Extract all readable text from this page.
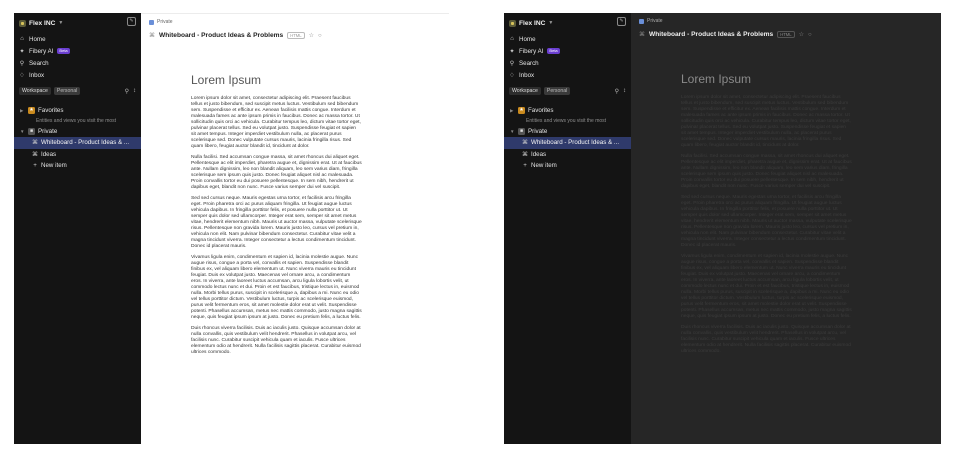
Flex INC ▼	✎
⌂ Home
✦ Fibery AI	Beta
⚲ Search
♢ Inbox
Workspace	Personal	⚲ ↕
▶	★ Favorites
Entities and views you visit the most
▼	■ Private
⌘ Whiteboard - Product Ideas & ...
⌘ Ideas
+ New item
Private
⌘ Whiteboard - Product Ideas & Problems	HTML	☆ ○
Lorem Ipsum

Lorem ipsum dolor sit amet, consectetur adipiscing elit. Praesent faucibus tellus et justo bibendum, sed suscipit metus luctus. Vestibulum sed bibendum sem. Suspendisse et efficitur ex. Aenean facilisis mattis congue. Interdum et malesuada fames ac ante ipsum primis in faucibus. Donec ac massa tortor. Ut sollicitudin quis orci ac vehicula. Curabitur tempus leo, dictum vitae tortor eget, pulvinar placerat tellus. Sed eu volutpat justo. Suspendisse feugiat et sapien sit amet tempus. Integer imperdiet vestibulum nulla, ac placerat purus scelerisque sed. Donec vulputate cursus mauris, lacinia fringilla risus. Sed quam libero, feugiat auctor blandit id, tincidunt at dolor.

Nulla facilisi. Sed accumsan congue massa, sit amet rhoncus dui aliquet eget. Pellentesque ac elit imperdiet, pharetra augue et, dignissim erat. Ut at faucibus ante. Nullam dignissim, leo non blandit aliquam, leo sem varius diam, fringilla scelerisque sem ipsum quis justo. Donec feugiat aliquet nisl ac malesuada. Proin convallis tortor eu dui posuere pellentesque. In sem nibh, hendrerit ut dapibus eget, blandit non nunc. Fusce varius semper dui vel suscipit.

Sed sed cursus neque. Mauris egestas urna tortor, et facilisis arcu fringilla eget. Proin pharetra orci ac purus aliquam fringilla. Ut feugiat augue luctus vehicula dapibus. In fringilla porttitor felis, et posuere nulla porttitor ut. Ut semper quis dolor sed ullamcorper. Integer erat sem, semper sit amet metus vitae, hendrerit elementum nibh. Mauris ut auctor massa, vulputate scelerisque risus. Pellentesque non gravida lorem. Mauris justo leo, cursus vel pretium in, vehicula non elit. Nam pulvinar bibendum consectetur. Curabitur vitae velit a magna tincidunt viverra. Integer consectetur a lectus condimentum tincidunt. Donec id placerat mauris.

Vivamus ligula enim, condimentum et sapien id, lacinia molestie augue. Nunc augue risus, congue a porta vel, convallis et sapien. Suspendisse blandit finibus ex, vel aliquam libero elementum ut. Nunc viverra mauris eu tincidunt feugiat. Duis ex volutpat justo. Maecenas vel ornare arcu, a condimentum eros. In viverra, ante laoreet luctus accumsan, arcu ligula lobortis velit, ut commodo lectus nunc et dui. Proin et est faucibus, tristique lectus in, euismod nulla. Morbi tellus purus, suscipit in scelerisque a, dapibus a mi. Nunc eu odio vel tellus porttitor dictum. Vestibulum luctus, turpis ac scelerisque euismod, purus velit fermentum eros, sit amet molestie dolor erat ut velit. Suspendisse potenti. Phasellus accumsan, metus nec mattis commodo, justo magna sagittis neque, quis feugiat ipsum ipsum at justo. Donec eu pretium felis, a luctus felis.

Duis rhoncus viverra facilisis. Duis ac iaculis justo. Quisque accumsan dolor at nulla convallis, quis vestibulum velit hendrerit. Phasellus in volutpat arcu, vel facilisis nunc. Curabitur suscipit vehicula quam et iaculis. Fusce ultrices elementum odio at hendrerit. Nulla facilisis sagittis placerat. Curabitur euismod ultrices commodo.

Flex INC ▼	✎
⌂ Home
✦ Fibery AI	Beta
⚲ Search
♢ Inbox
Workspace	Personal	⚲ ↕
▶	★ Favorites
Entities and views you visit the most
▼	■ Private
⌘ Whiteboard - Product Ideas & ...
⌘ Ideas
+ New item
Private
⌘ Whiteboard - Product Ideas & Problems	HTML	☆ ○
Lorem Ipsum

Lorem ipsum dolor sit amet, consectetur adipiscing elit. Praesent faucibus tellus et justo bibendum, sed suscipit metus luctus. Vestibulum sed bibendum sem. Suspendisse et efficitur ex. Aenean facilisis mattis congue. Interdum et malesuada fames ac ante ipsum primis in faucibus. Donec ac massa tortor. Ut sollicitudin quis orci ac vehicula. Curabitur tempus leo, dictum vitae tortor eget, pulvinar placerat tellus. Sed eu volutpat justo. Suspendisse feugiat et sapien sit amet tempus. Integer imperdiet vestibulum nulla, ac placerat purus scelerisque sed. Donec vulputate cursus mauris, lacinia fringilla risus. Sed quam libero, feugiat auctor blandit id, tincidunt at dolor.

Nulla facilisi. Sed accumsan congue massa, sit amet rhoncus dui aliquet eget. Pellentesque ac elit imperdiet, pharetra augue et, dignissim erat. Ut at faucibus ante. Nullam dignissim, leo non blandit aliquam, leo sem varius diam, fringilla scelerisque sem ipsum quis justo. Donec feugiat aliquet nisl ac malesuada. Proin convallis tortor eu dui posuere pellentesque. In sem nibh, hendrerit ut dapibus eget, blandit non nunc. Fusce varius semper dui vel suscipit.

Sed sed cursus neque. Mauris egestas urna tortor, et facilisis arcu fringilla eget. Proin pharetra orci ac purus aliquam fringilla. Ut feugiat augue luctus vehicula dapibus. In fringilla porttitor felis, et posuere nulla porttitor ut. Ut semper quis dolor sed ullamcorper. Integer erat sem, semper sit amet metus vitae, hendrerit elementum nibh. Mauris ut auctor massa, vulputate scelerisque risus. Pellentesque non gravida lorem. Mauris justo leo, cursus vel pretium in, vehicula non elit. Nam pulvinar bibendum consectetur. Curabitur vitae velit a magna tincidunt viverra. Integer consectetur a lectus condimentum tincidunt. Donec id placerat mauris.

Vivamus ligula enim, condimentum et sapien id, lacinia molestie augue. Nunc augue risus, congue a porta vel, convallis et sapien. Suspendisse blandit finibus ex, vel aliquam libero elementum ut. Nunc viverra mauris eu tincidunt feugiat. Duis ex volutpat justo. Maecenas vel ornare arcu, a condimentum eros. In viverra, ante laoreet luctus accumsan, arcu ligula lobortis velit, ut commodo lectus nunc et dui. Proin et est faucibus, tristique lectus in, euismod nulla. Morbi tellus purus, suscipit in scelerisque a, dapibus a mi. Nunc eu odio vel tellus porttitor dictum. Vestibulum luctus, turpis ac scelerisque euismod, purus velit fermentum eros, sit amet molestie dolor erat ut velit. Suspendisse potenti. Phasellus accumsan, metus nec mattis commodo, justo magna sagittis neque, quis feugiat ipsum ipsum at justo. Donec eu pretium felis, a luctus felis.

Duis rhoncus viverra facilisis. Duis ac iaculis justo. Quisque accumsan dolor at nulla convallis, quis vestibulum velit hendrerit. Phasellus in volutpat arcu, vel facilisis nunc. Curabitur suscipit vehicula quam et iaculis. Fusce ultrices elementum odio at hendrerit. Nulla facilisis sagittis placerat. Curabitur euismod ultrices commodo.
